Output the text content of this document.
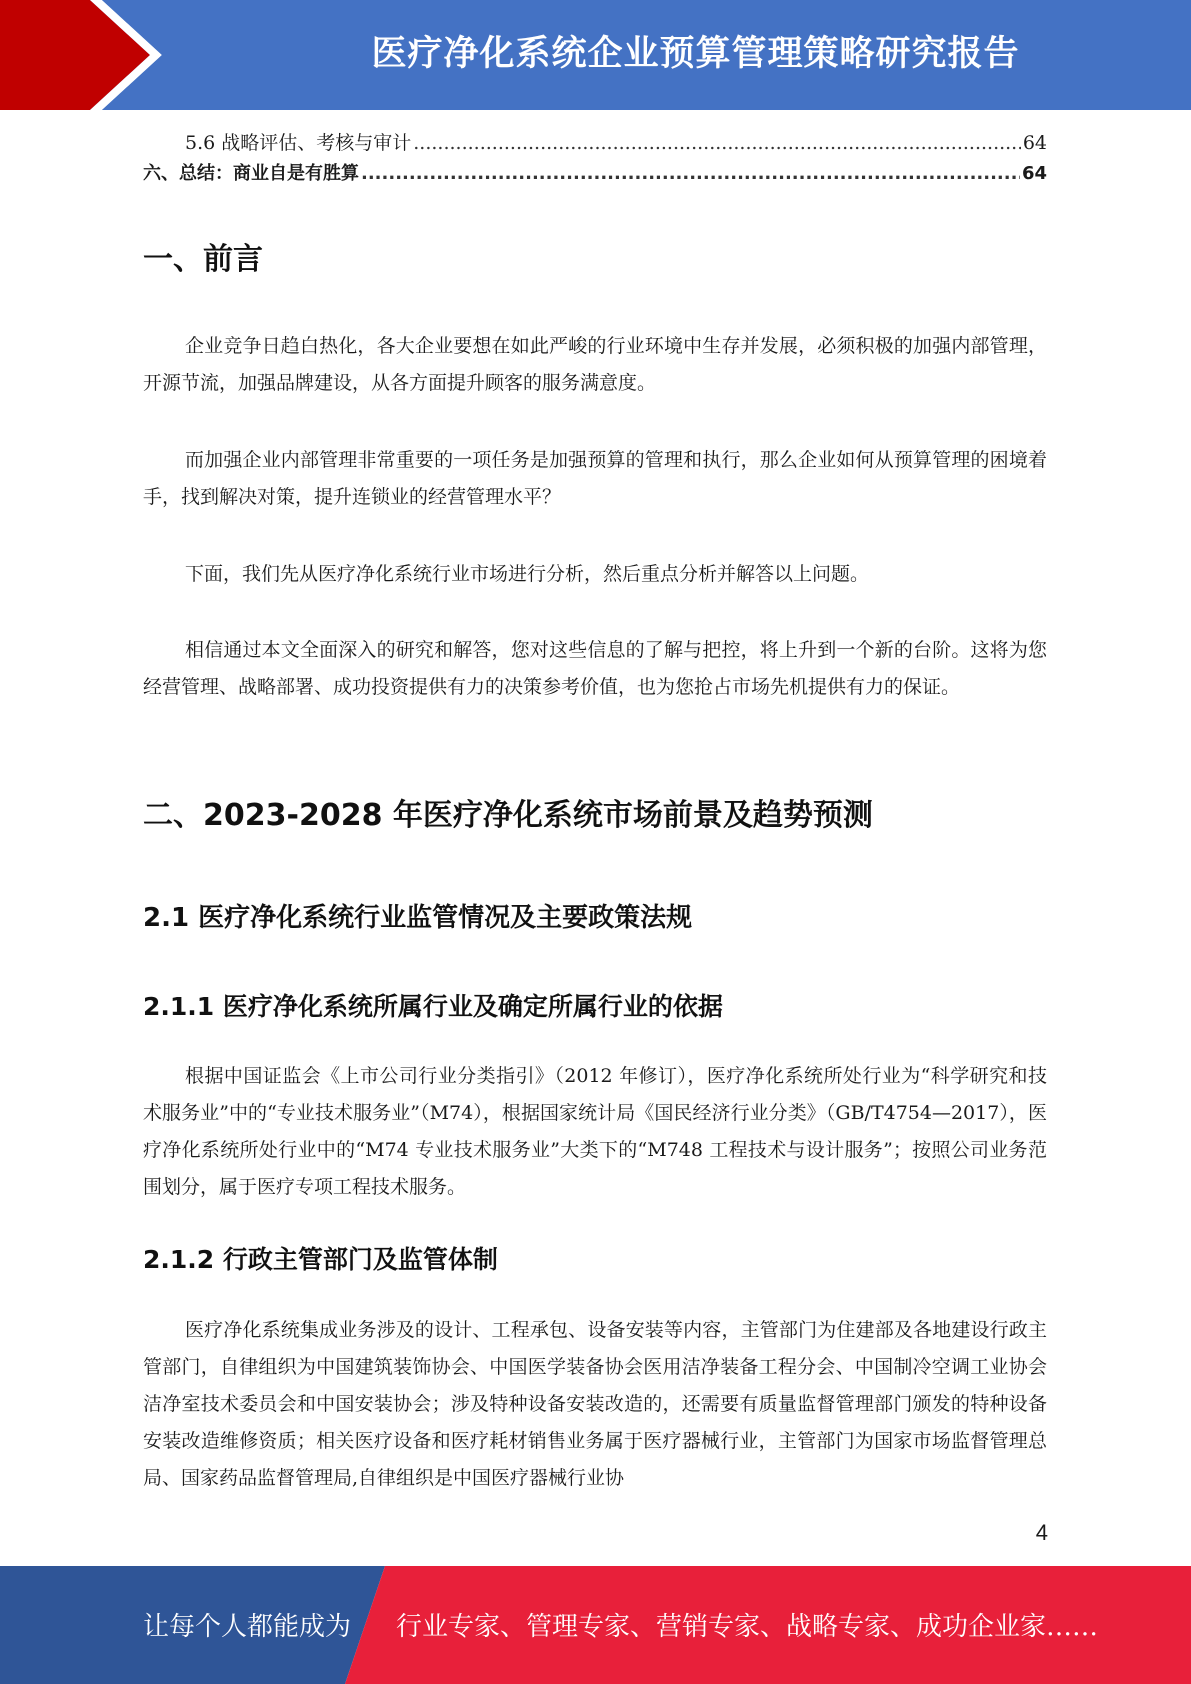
医疗净化系统企业预算管理策略研究报告
5.6 战略评估、考核与审计 .....	64
六、总结：商业自是有胜算 .....	64
一、前言

企业竞争日趋白热化，各大企业要想在如此严峻的行业环境中生存并发展，必须积极的加强内部管理，开源节流，加强品牌建设，从各方面提升顾客的服务满意度。

而加强企业内部管理非常重要的一项任务是加强预算的管理和执行，那么企业如何从预算管理的困境着手，找到解决对策，提升连锁业的经营管理水平？

下面，我们先从医疗净化系统行业市场进行分析，然后重点分析并解答以上问题。

相信通过本文全面深入的研究和解答，您对这些信息的了解与把控，将上升到一个新的台阶。这将为您经营管理、战略部署、成功投资提供有力的决策参考价值，也为您抢占市场先机提供有力的保证。

二、2023-2028 年医疗净化系统市场前景及趋势预测
2.1 医疗净化系统行业监管情况及主要政策法规
2.1.1 医疗净化系统所属行业及确定所属行业的依据

根据中国证监会《上市公司行业分类指引》（2012 年修订），医疗净化系统所处行业为“科学研究和技术服务业”中的“专业技术服务业”（M74），根据国家统计局《国民经济行业分类》（GB/T4754—2017），医疗净化系统所处行业中的“M74 专业技术服务业”大类下的“M748 工程技术与设计服务”；按照公司业务范围划分，属于医疗专项工程技术服务。

2.1.2 行政主管部门及监管体制

医疗净化系统集成业务涉及的设计、工程承包、设备安装等内容，主管部门为住建部及各地建设行政主管部门，自律组织为中国建筑装饰协会、中国医学装备协会医用洁净装备工程分会、中国制冷空调工业协会洁净室技术委员会和中国安装协会；涉及特种设备安装改造的，还需要有质量监督管理部门颁发的特种设备安装改造维修资质；相关医疗设备和医疗耗材销售业务属于医疗器械行业，主管部门为国家市场监督管理总局、国家药品监督管理局,自律组织是中国医疗器械行业协

4
让每个人都能成为 行业专家、管理专家、营销专家、战略专家、成功企业家……
